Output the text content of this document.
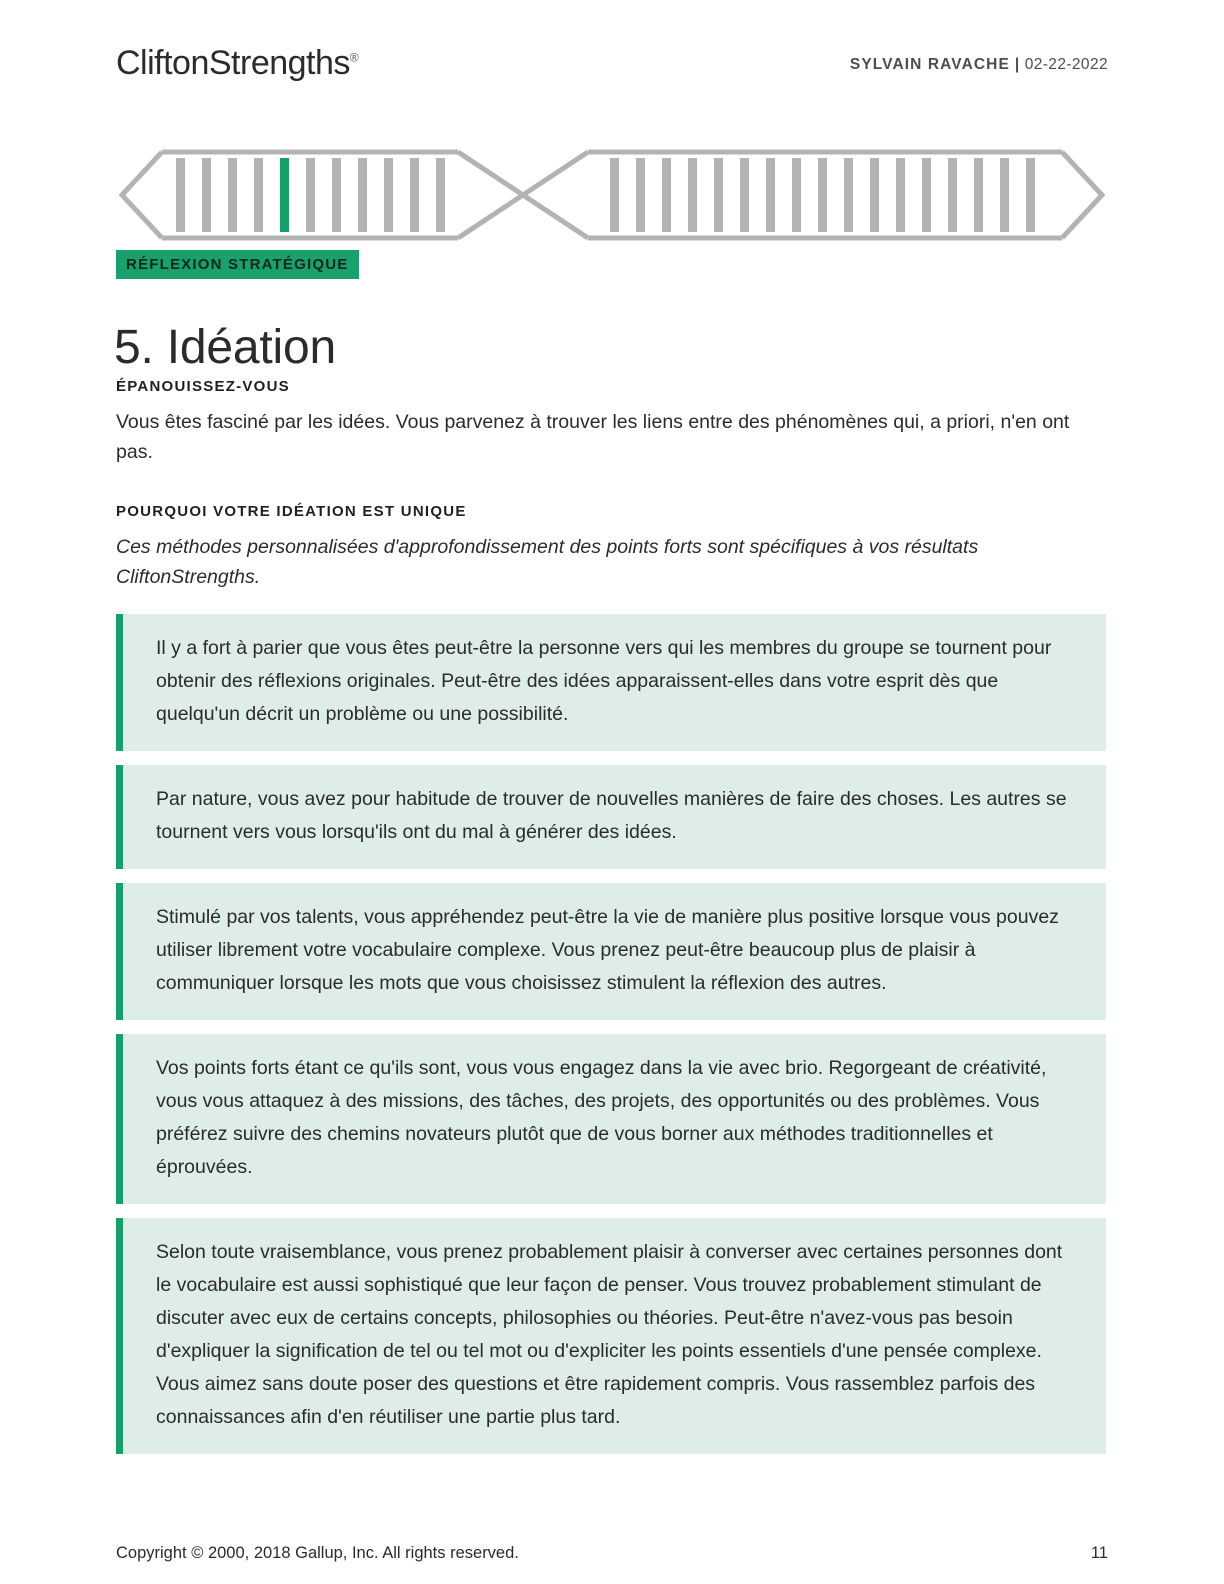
CliftonStrengths®	SYLVAIN RAVACHE | 02-22-2022
RÉFLEXION STRATÉGIQUE
5. Idéation
ÉPANOUISSEZ-VOUS

Vous êtes fasciné par les idées. Vous parvenez à trouver les liens entre des phénomènes qui, a priori, n'en ont pas.

POURQUOI VOTRE IDÉATION EST UNIQUE

Ces méthodes personnalisées d'approfondissement des points forts sont spécifiques à vos résultats CliftonStrengths.

Il y a fort à parier que vous êtes peut-être la personne vers qui les membres du groupe se tournent pour obtenir des réflexions originales. Peut-être des idées apparaissent-elles dans votre esprit dès que quelqu'un décrit un problème ou une possibilité.

Par nature, vous avez pour habitude de trouver de nouvelles manières de faire des choses. Les autres se tournent vers vous lorsqu'ils ont du mal à générer des idées.

Stimulé par vos talents, vous appréhendez peut-être la vie de manière plus positive lorsque vous pouvez utiliser librement votre vocabulaire complexe. Vous prenez peut-être beaucoup plus de plaisir à communiquer lorsque les mots que vous choisissez stimulent la réflexion des autres.

Vos points forts étant ce qu'ils sont, vous vous engagez dans la vie avec brio. Regorgeant de créativité, vous vous attaquez à des missions, des tâches, des projets, des opportunités ou des problèmes. Vous préférez suivre des chemins novateurs plutôt que de vous borner aux méthodes traditionnelles et éprouvées.

Selon toute vraisemblance, vous prenez probablement plaisir à converser avec certaines personnes dont le vocabulaire est aussi sophistiqué que leur façon de penser. Vous trouvez probablement stimulant de discuter avec eux de certains concepts, philosophies ou théories. Peut-être n'avez-vous pas besoin d'expliquer la signification de tel ou tel mot ou d'expliciter les points essentiels d'une pensée complexe. Vous aimez sans doute poser des questions et être rapidement compris. Vous rassemblez parfois des connaissances afin d'en réutiliser une partie plus tard.

Copyright © 2000, 2018 Gallup, Inc. All rights reserved.	11
